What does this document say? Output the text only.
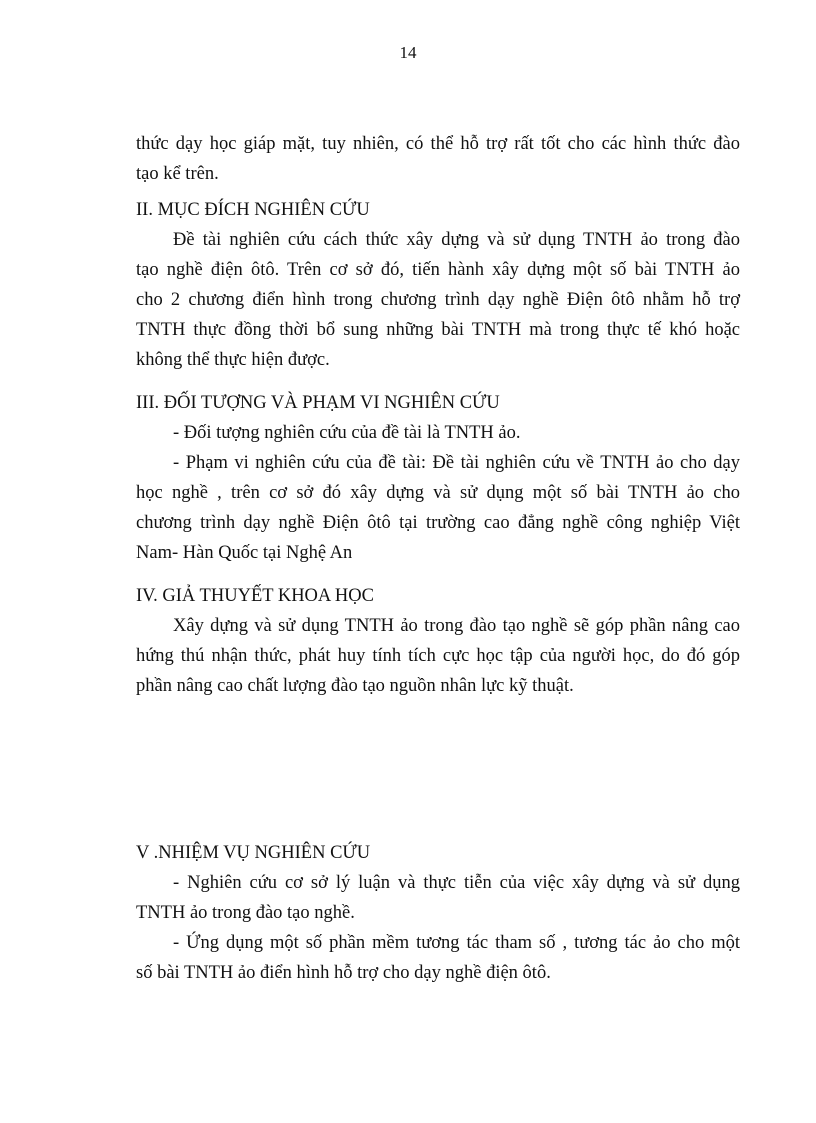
14

thức dạy học giáp mặt, tuy nhiên, có thể hỗ trợ rất tốt cho các hình thức đào

tạo kể trên.

II. MỤC ĐÍCH NGHIÊN CỨU

Đề tài nghiên cứu cách thức xây dựng và sử dụng TNTH ảo trong đào

tạo nghề điện ôtô. Trên cơ sở đó, tiến hành xây dựng một số bài TNTH ảo

cho 2 chương điển hình trong chương trình dạy nghề Điện ôtô nhằm hỗ trợ

TNTH thực đồng thời bổ sung những bài TNTH mà trong thực tế khó hoặc

không thể thực hiện được.

III. ĐỐI TƯỢNG VÀ PHẠM VI NGHIÊN CỨU

- Đối tượng nghiên cứu của đề tài là TNTH ảo.

- Phạm vi nghiên cứu của đề tài: Đề tài nghiên cứu về TNTH ảo cho dạy

học nghề , trên cơ sở đó xây dựng và sử dụng một số bài TNTH ảo cho

chương trình dạy nghề Điện ôtô tại trường cao đẳng nghề công nghiệp Việt

Nam- Hàn Quốc tại Nghệ An

IV. GIẢ THUYẾT KHOA HỌC

Xây dựng và sử dụng TNTH ảo trong đào tạo nghề sẽ góp phần nâng cao

hứng thú nhận thức, phát huy tính tích cực học tập của người học, do đó góp

phần nâng cao chất lượng đào tạo nguồn nhân lực kỹ thuật.

V .NHIỆM VỤ NGHIÊN CỨU

- Nghiên cứu cơ sở lý luận và thực tiễn của việc xây dựng và sử dụng

TNTH ảo trong đào tạo nghề.

- Ứng dụng một số phần mềm tương tác tham số , tương tác ảo cho một

số bài TNTH ảo điển hình hỗ trợ cho dạy nghề điện ôtô.
